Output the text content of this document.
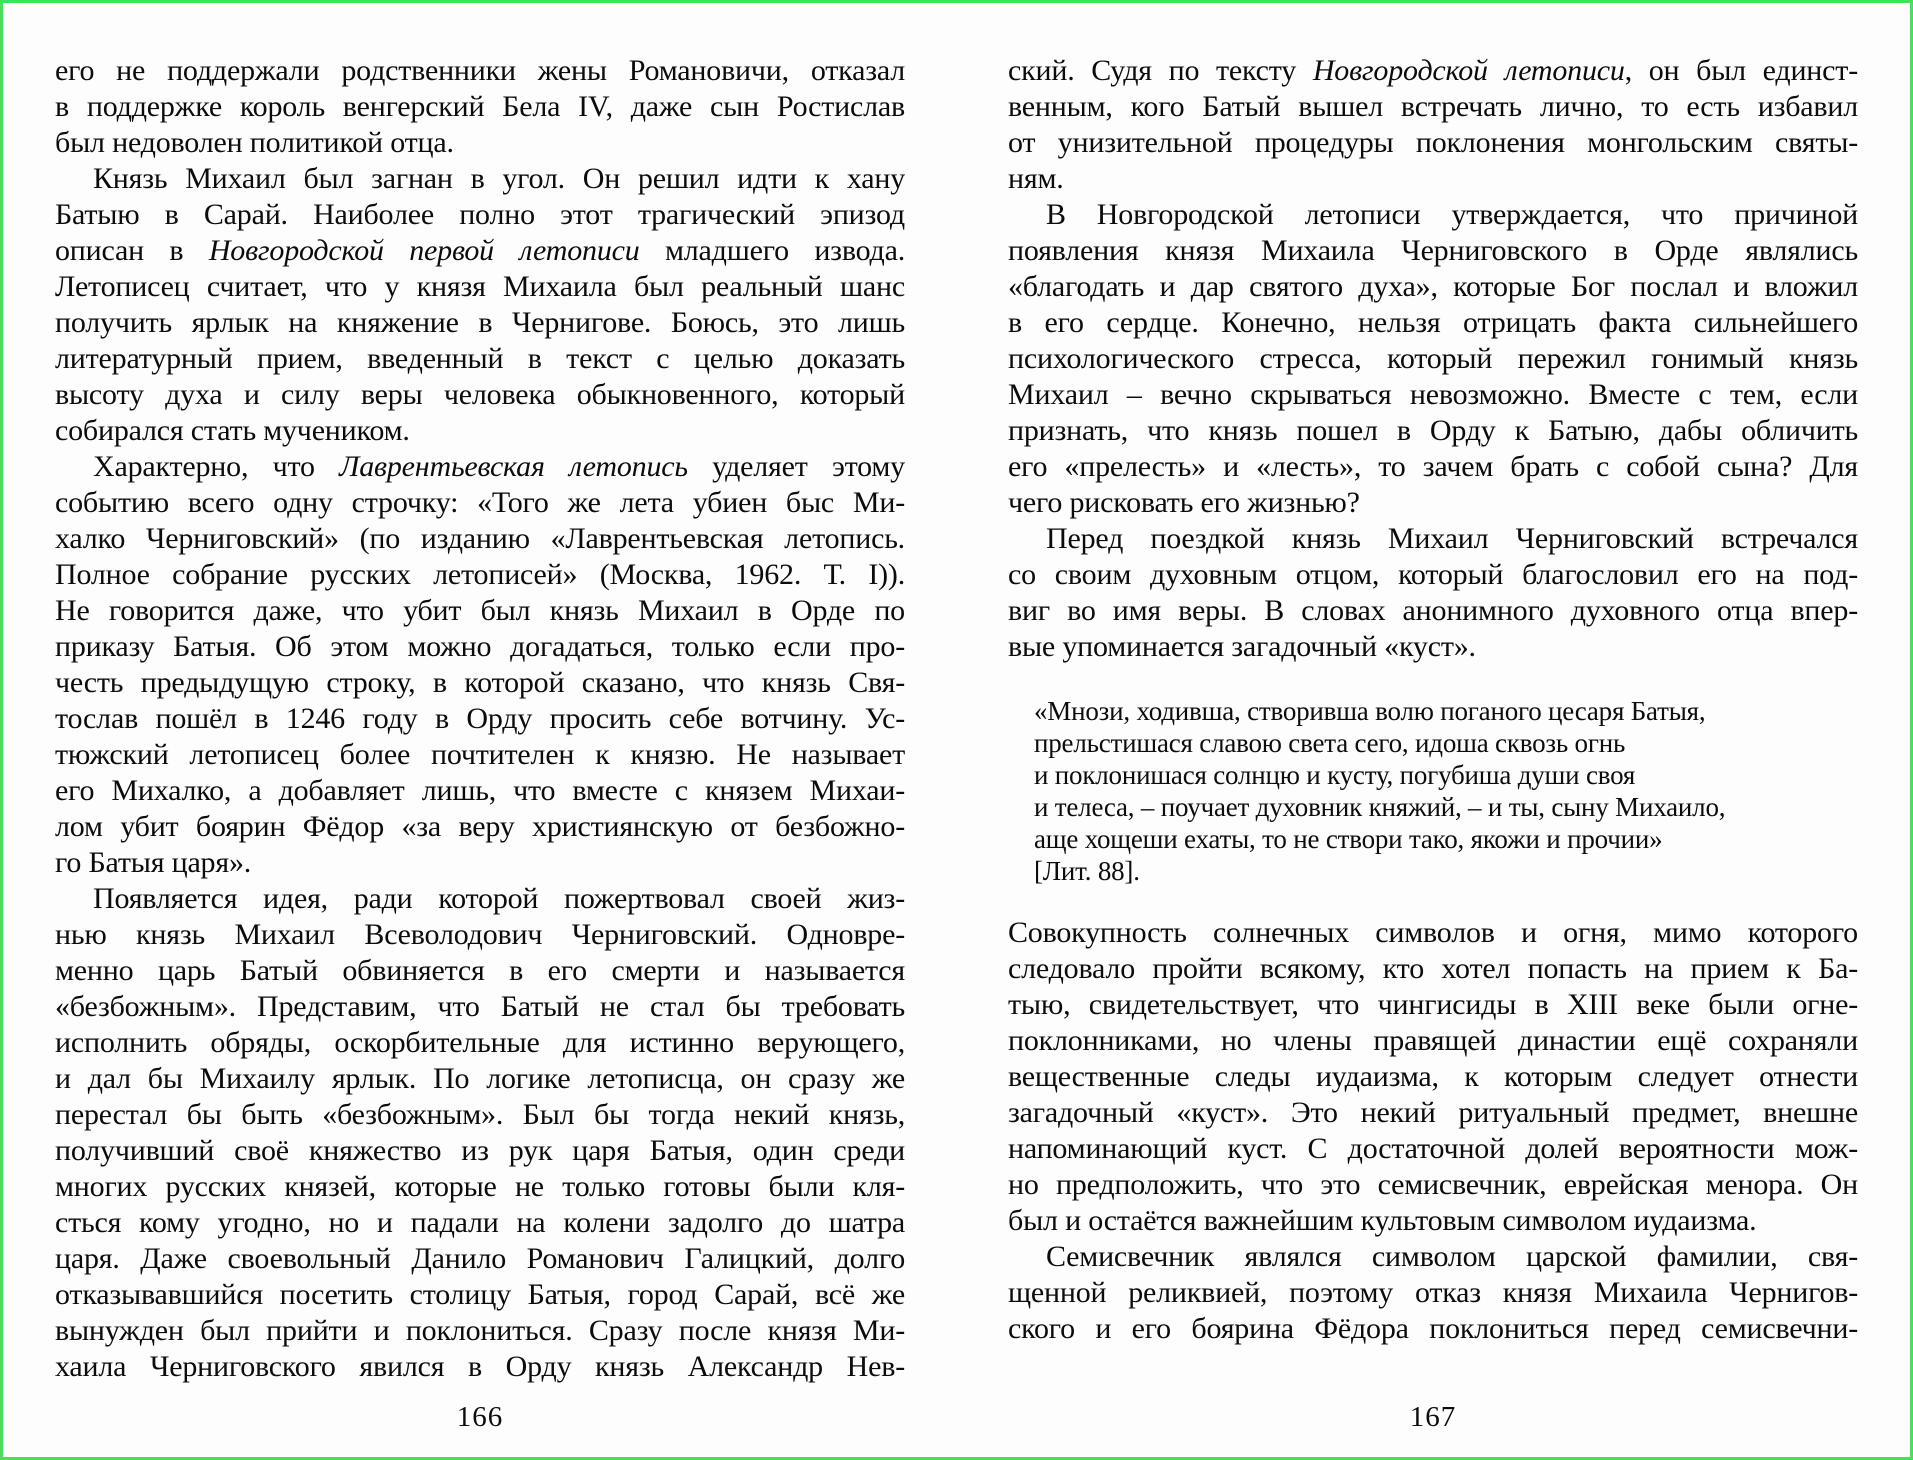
его не поддержали родственники жены Романовичи, отказал
в поддержке король венгерский Бела IV, даже сын Ростислав
был недоволен политикой отца.
Князь Михаил был загнан в угол. Он решил идти к хану
Батыю в Сарай. Наиболее полно этот трагический эпизод
описан в Новгородской первой летописи младшего извода.
Летописец считает, что у князя Михаила был реальный шанс
получить ярлык на княжение в Чернигове. Боюсь, это лишь
литературный прием, введенный в текст с целью доказать
высоту духа и силу веры человека обыкновенного, который
собирался стать мучеником.
Характерно, что Лаврентьевская летопись уделяет этому
событию всего одну строчку: «Того же лета убиен быс Ми-
халко Черниговский» (по изданию «Лаврентьевская летопись.
Полное собрание русских летописей» (Москва, 1962. Т. I)).
Не говорится даже, что убит был князь Михаил в Орде по
приказу Батыя. Об этом можно догадаться, только если про-
честь предыдущую строку, в которой сказано, что князь Свя-
тослав пошёл в 1246 году в Орду просить себе вотчину. Ус-
тюжский летописец более почтителен к князю. Не называет
его Михалко, а добавляет лишь, что вместе с князем Михаи-
лом убит боярин Фёдор «за веру християнскую от безбожно-
го Батыя царя».
Появляется идея, ради которой пожертвовал своей жиз-
нью князь Михаил Всеволодович Черниговский. Одновре-
менно царь Батый обвиняется в его смерти и называется
«безбожным». Представим, что Батый не стал бы требовать
исполнить обряды, оскорбительные для истинно верующего,
и дал бы Михаилу ярлык. По логике летописца, он сразу же
перестал бы быть «безбожным». Был бы тогда некий князь,
получивший своё княжество из рук царя Батыя, один среди
многих русских князей, которые не только готовы были кля-
сться кому угодно, но и падали на колени задолго до шатра
царя. Даже своевольный Данило Романович Галицкий, долго
отказывавшийся посетить столицу Батыя, город Сарай, всё же
вынужден был прийти и поклониться. Сразу после князя Ми-
хаила Черниговского явился в Орду князь Александр Нев-
166
ский. Судя по тексту Новгородской летописи, он был единст-
венным, кого Батый вышел встречать лично, то есть избавил
от унизительной процедуры поклонения монгольским святы-
ням.
В Новгородской летописи утверждается, что причиной
появления князя Михаила Черниговского в Орде являлись
«благодать и дар святого духа», которые Бог послал и вложил
в его сердце. Конечно, нельзя отрицать факта сильнейшего
психологического стресса, который пережил гонимый князь
Михаил – вечно скрываться невозможно. Вместе с тем, если
признать, что князь пошел в Орду к Батыю, дабы обличить
его «прелесть» и «лесть», то зачем брать с собой сына? Для
чего рисковать его жизнью?
Перед поездкой князь Михаил Черниговский встречался
со своим духовным отцом, который благословил его на под-
виг во имя веры. В словах анонимного духовного отца впер-
вые упоминается загадочный «куст».
«Мнози, ходивша, створивша волю поганого цесаря Батыя,
прельстишася славою света сего, идоша сквозь огнь
и поклонишася солнцю и кусту, погубиша души своя
и телеса, – поучает духовник княжий, – и ты, сыну Михаило,
аще хощеши ехаты, то не створи тако, якожи и прочии»
[Лит. 88].
Совокупность солнечных символов и огня, мимо которого
следовало пройти всякому, кто хотел попасть на прием к Ба-
тыю, свидетельствует, что чингисиды в XIII веке были огне-
поклонниками, но члены правящей династии ещё сохраняли
вещественные следы иудаизма, к которым следует отнести
загадочный «куст». Это некий ритуальный предмет, внешне
напоминающий куст. С достаточной долей вероятности мож-
но предположить, что это семисвечник, еврейская менора. Он
был и остаётся важнейшим культовым символом иудаизма.
Семисвечник являлся символом царской фамилии, свя-
щенной реликвией, поэтому отказ князя Михаила Чернигов-
ского и его боярина Фёдора поклониться перед семисвечни-
167
